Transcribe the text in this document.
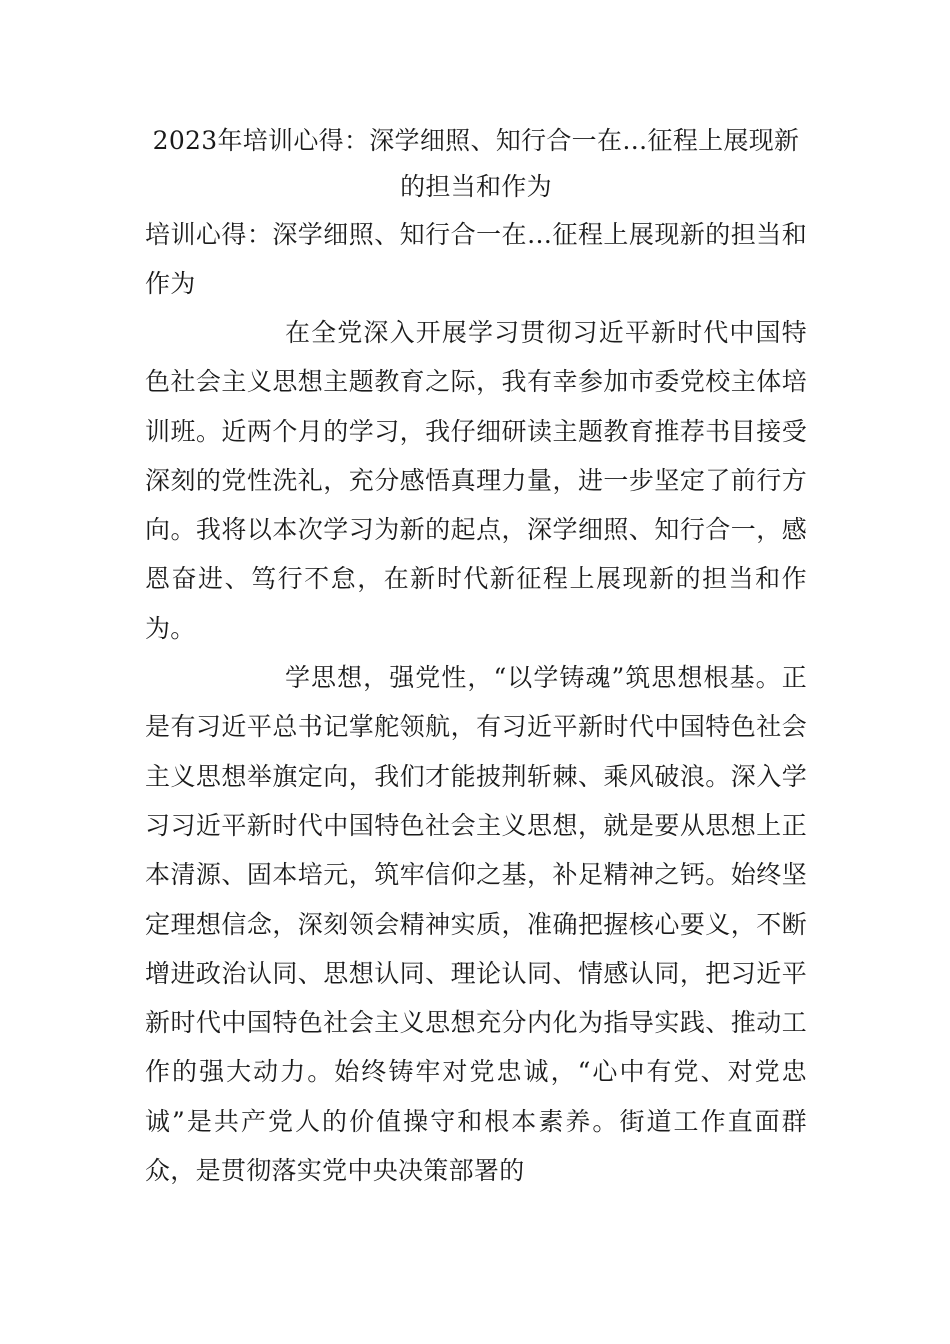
2023年培训心得：深学细照、知行合一在…征程上展现新的担当和作为

培训心得：深学细照、知行合一在…征程上展现新的担当和作为

在全党深入开展学习贯彻习近平新时代中国特色社会主义思想主题教育之际，我有幸参加市委党校主体培训班。近两个月的学习，我仔细研读主题教育推荐书目接受深刻的党性洗礼，充分感悟真理力量，进一步坚定了前行方向。我将以本次学习为新的起点，深学细照、知行合一，感恩奋进、笃行不怠，在新时代新征程上展现新的担当和作为。

学思想，强党性，“以学铸魂”筑思想根基。正是有习近平总书记掌舵领航，有习近平新时代中国特色社会主义思想举旗定向，我们才能披荆斩棘、乘风破浪。深入学习习近平新时代中国特色社会主义思想，就是要从思想上正本清源、固本培元，筑牢信仰之基，补足精神之钙。始终坚定理想信念，深刻领会精神实质，准确把握核心要义，不断增进政治认同、思想认同、理论认同、情感认同，把习近平新时代中国特色社会主义思想充分内化为指导实践、推动工作的强大动力。始终铸牢对党忠诚，“心中有党、对党忠诚”是共产党人的价值操守和根本素养。街道工作直面群众，是贯彻落实党中央决策部署的
